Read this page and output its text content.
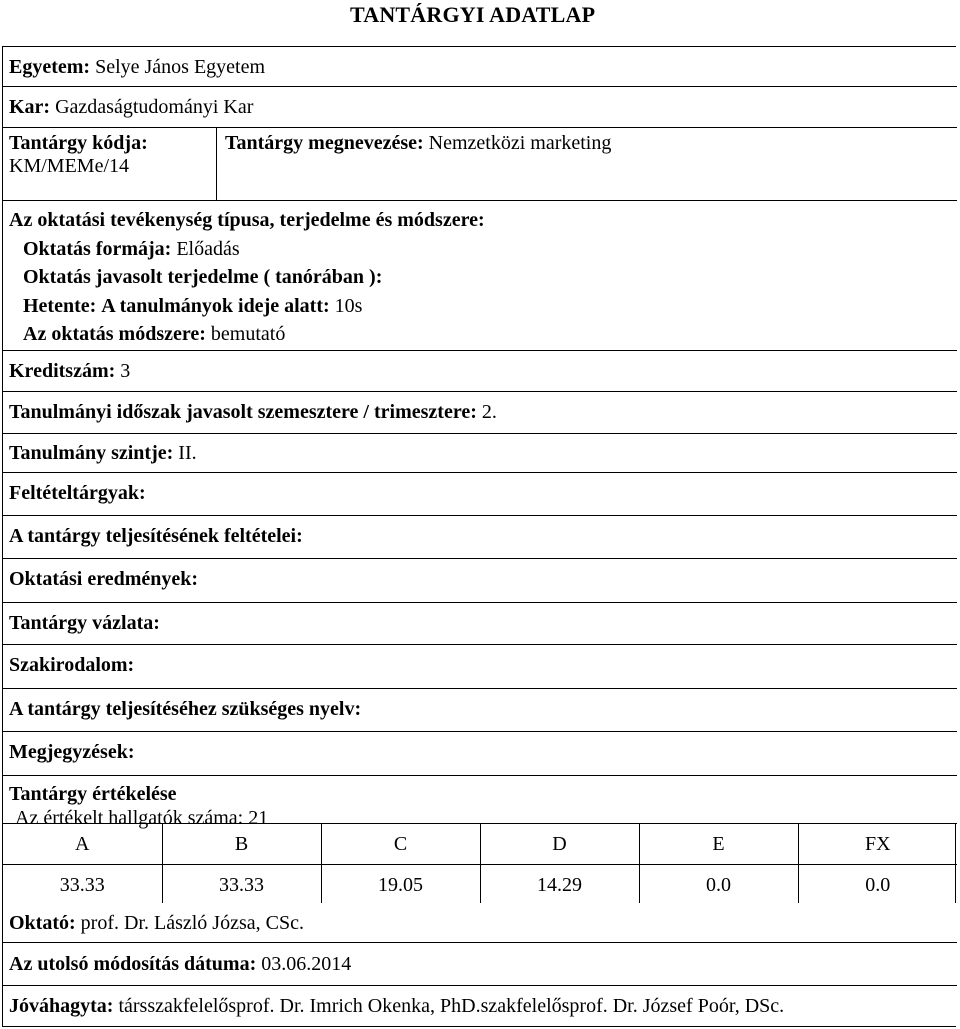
TANTÁRGYI ADATLAP
Egyetem: Selye János Egyetem
Kar: Gazdaságtudományi Kar
Tantárgy kódja:
KM/MEMe/14
Tantárgy megnevezése: Nemzetközi marketing
Az oktatási tevékenység típusa, terjedelme és módszere:
Oktatás formája: Előadás
Oktatás javasolt terjedelme ( tanórában ):
Hetente: A tanulmányok ideje alatt: 10s
Az oktatás módszere: bemutató
Kreditszám: 3
Tanulmányi időszak javasolt szemesztere / trimesztere: 2.
Tanulmány szintje: II.
Feltételtárgyak:
A tantárgy teljesítésének feltételei:
Oktatási eredmények:
Tantárgy vázlata:
Szakirodalom:
A tantárgy teljesítéséhez szükséges nyelv:
Megjegyzések:
Tantárgy értékelése
Az értékelt hallgatók száma: 21
A	B	C	D	E	FX
33.33	33.33	19.05	14.29	0.0	0.0
Oktató: prof. Dr. László Józsa, CSc.
Az utolsó módosítás dátuma: 03.06.2014
Jóváhagyta: társszakfelelősprof. Dr. Imrich Okenka, PhD.szakfelelősprof. Dr. József Poór, DSc.
